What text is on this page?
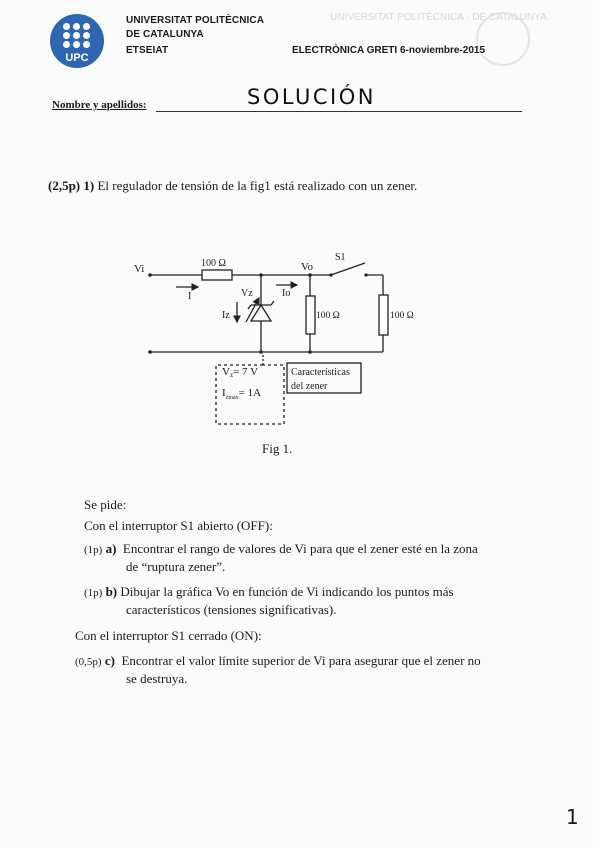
UNIVERSITAT POLITÈCNICA · DE CATALUNYA
UPC
UNIVERSITAT POLITÈCNICA
DE CATALUNYA
ETSEIAT	ELECTRÒNICA GRETI 6-noviembre-2015
Nombre y apellidos:	SOLUCIÓN
(2,5p) 1) El regulador de tensión de la fig1 está realizado con un zener.
Vi	100 Ω	Vo
S1
I	Vz	Io
Iz	100 Ω	100 Ω
Vz= 7 V
$I_{zmax}= 1A$
Características
del zener
Fig 1.
Se pide:
Con el interruptor S1 abierto (OFF):
(1p) a) Encontrar el rango de valores de Vi para que el zener esté en la zona
de “ruptura zener”.
(1p) b) Dibujar la gráfica Vo en función de Vi indicando los puntos más
característicos (tensiones significativas).
Con el interruptor S1 cerrado (ON):
(0,5p) c) Encontrar el valor límite superior de Vi para asegurar que el zener no
se destruya.
1
